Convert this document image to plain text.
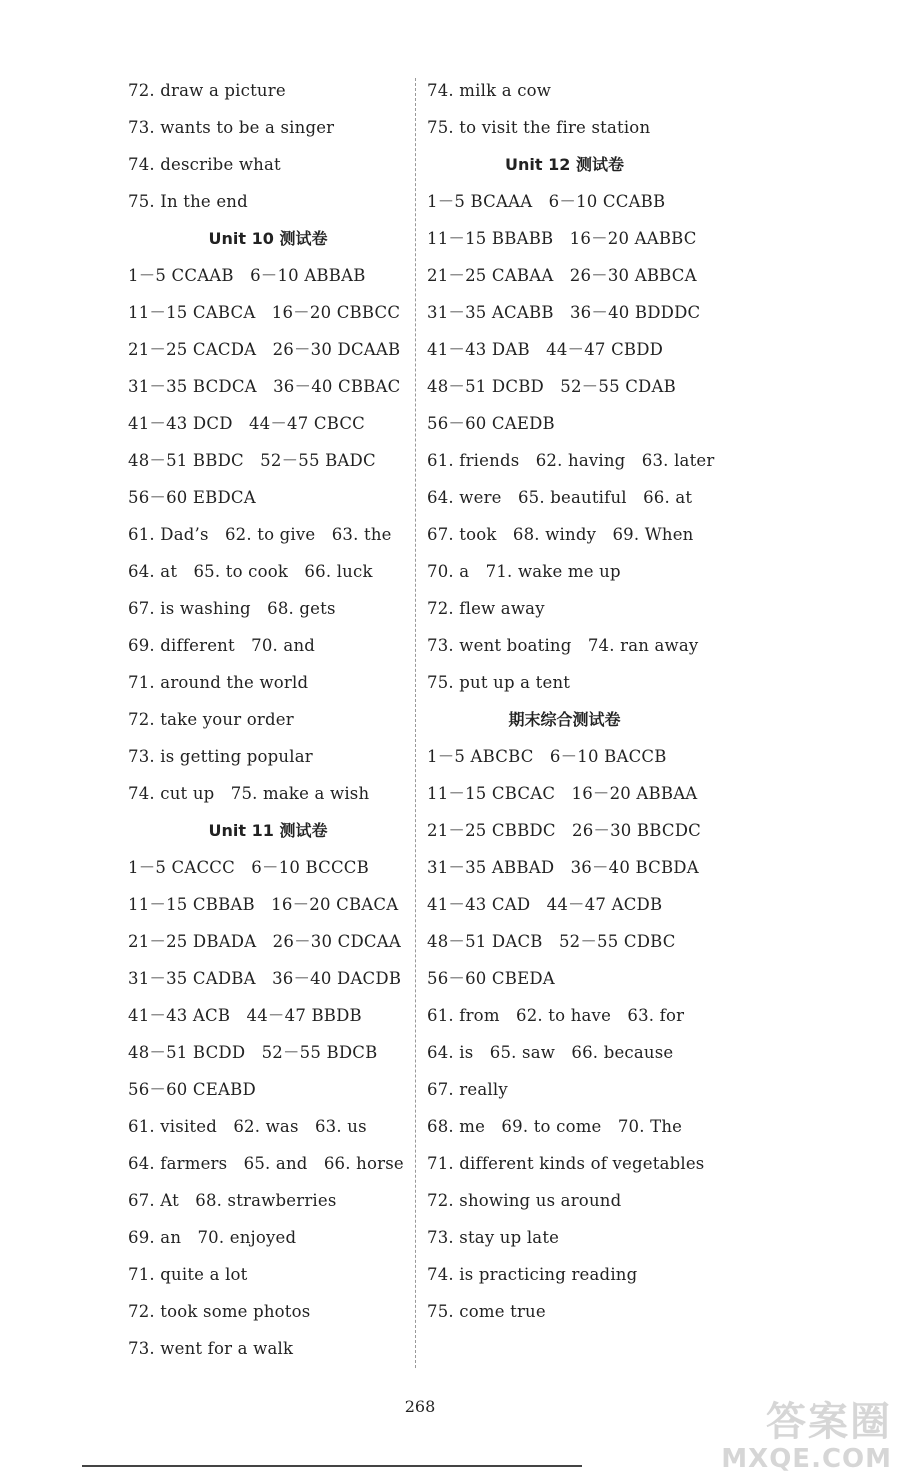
72. draw a picture
73. wants to be a singer
74. describe what
75. In the end
Unit 10 测试卷
1－5 CCAAB   6－10 ABBAB
11－15 CABCA   16－20 CBBCC
21－25 CACDA   26－30 DCAAB
31－35 BCDCA   36－40 CBBAC
41－43 DCD   44－47 CBCC
48－51 BBDC   52－55 BADC
56－60 EBDCA
61. Dad’s   62. to give   63. the
64. at   65. to cook   66. luck
67. is washing   68. gets
69. different   70. and
71. around the world
72. take your order
73. is getting popular
74. cut up   75. make a wish
Unit 11 测试卷
1－5 CACCC   6－10 BCCCB
11－15 CBBAB   16－20 CBACA
21－25 DBADA   26－30 CDCAA
31－35 CADBA   36－40 DACDB
41－43 ACB   44－47 BBDB
48－51 BCDD   52－55 BDCB
56－60 CEABD
61. visited   62. was   63. us
64. farmers   65. and   66. horse
67. At   68. strawberries
69. an   70. enjoyed
71. quite a lot
72. took some photos
73. went for a walk
74. milk a cow
75. to visit the fire station
Unit 12 测试卷
1－5 BCAAA   6－10 CCABB
11－15 BBABB   16－20 AABBC
21－25 CABAA   26－30 ABBCA
31－35 ACABB   36－40 BDDDC
41－43 DAB   44－47 CBDD
48－51 DCBD   52－55 CDAB
56－60 CAEDB
61. friends   62. having   63. later
64. were   65. beautiful   66. at
67. took   68. windy   69. When
70. a   71. wake me up
72. flew away
73. went boating   74. ran away
75. put up a tent
期末综合测试卷
1－5 ABCBC   6－10 BACCB
11－15 CBCAC   16－20 ABBAA
21－25 CBBDC   26－30 BBCDC
31－35 ABBAD   36－40 BCBDA
41－43 CAD   44－47 ACDB
48－51 DACB   52－55 CDBC
56－60 CBEDA
61. from   62. to have   63. for
64. is   65. saw   66. because
67. really
68. me   69. to come   70. The
71. different kinds of vegetables
72. showing us around
73. stay up late
74. is practicing reading
75. come true
268	答案圈
MXQE.COM
